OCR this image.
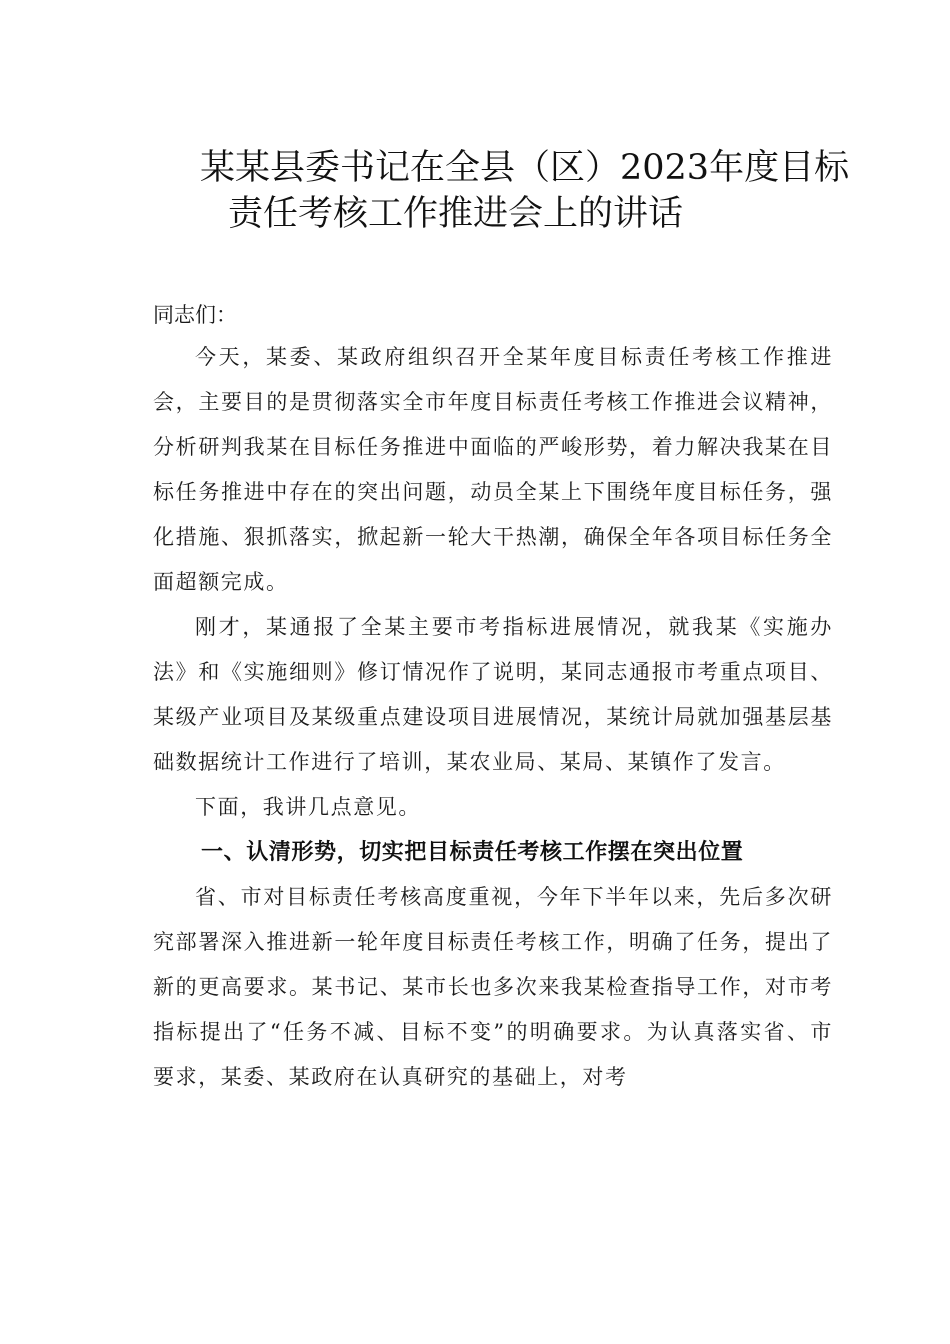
某某县委书记在全县（区）2023年度目标
责任考核工作推进会上的讲话

同志们：

今天，某委、某政府组织召开全某年度目标责任考核工作推进会，主要目的是贯彻落实全市年度目标责任考核工作推进会议精神，分析研判我某在目标任务推进中面临的严峻形势，着力解决我某在目标任务推进中存在的突出问题，动员全某上下围绕年度目标任务，强化措施、狠抓落实，掀起新一轮大干热潮，确保全年各项目标任务全面超额完成。

刚才，某通报了全某主要市考指标进展情况，就我某《实施办法》和《实施细则》修订情况作了说明，某同志通报市考重点项目、某级产业项目及某级重点建设项目进展情况，某统计局就加强基层基础数据统计工作进行了培训，某农业局、某局、某镇作了发言。

下面，我讲几点意见。

一、认清形势，切实把目标责任考核工作摆在突出位置

省、市对目标责任考核高度重视，今年下半年以来，先后多次研究部署深入推进新一轮年度目标责任考核工作，明确了任务，提出了新的更高要求。某书记、某市长也多次来我某检查指导工作，对市考指标提出了“任务不减、目标不变”的明确要求。为认真落实省、市要求，某委、某政府在认真研究的基础上，对考
